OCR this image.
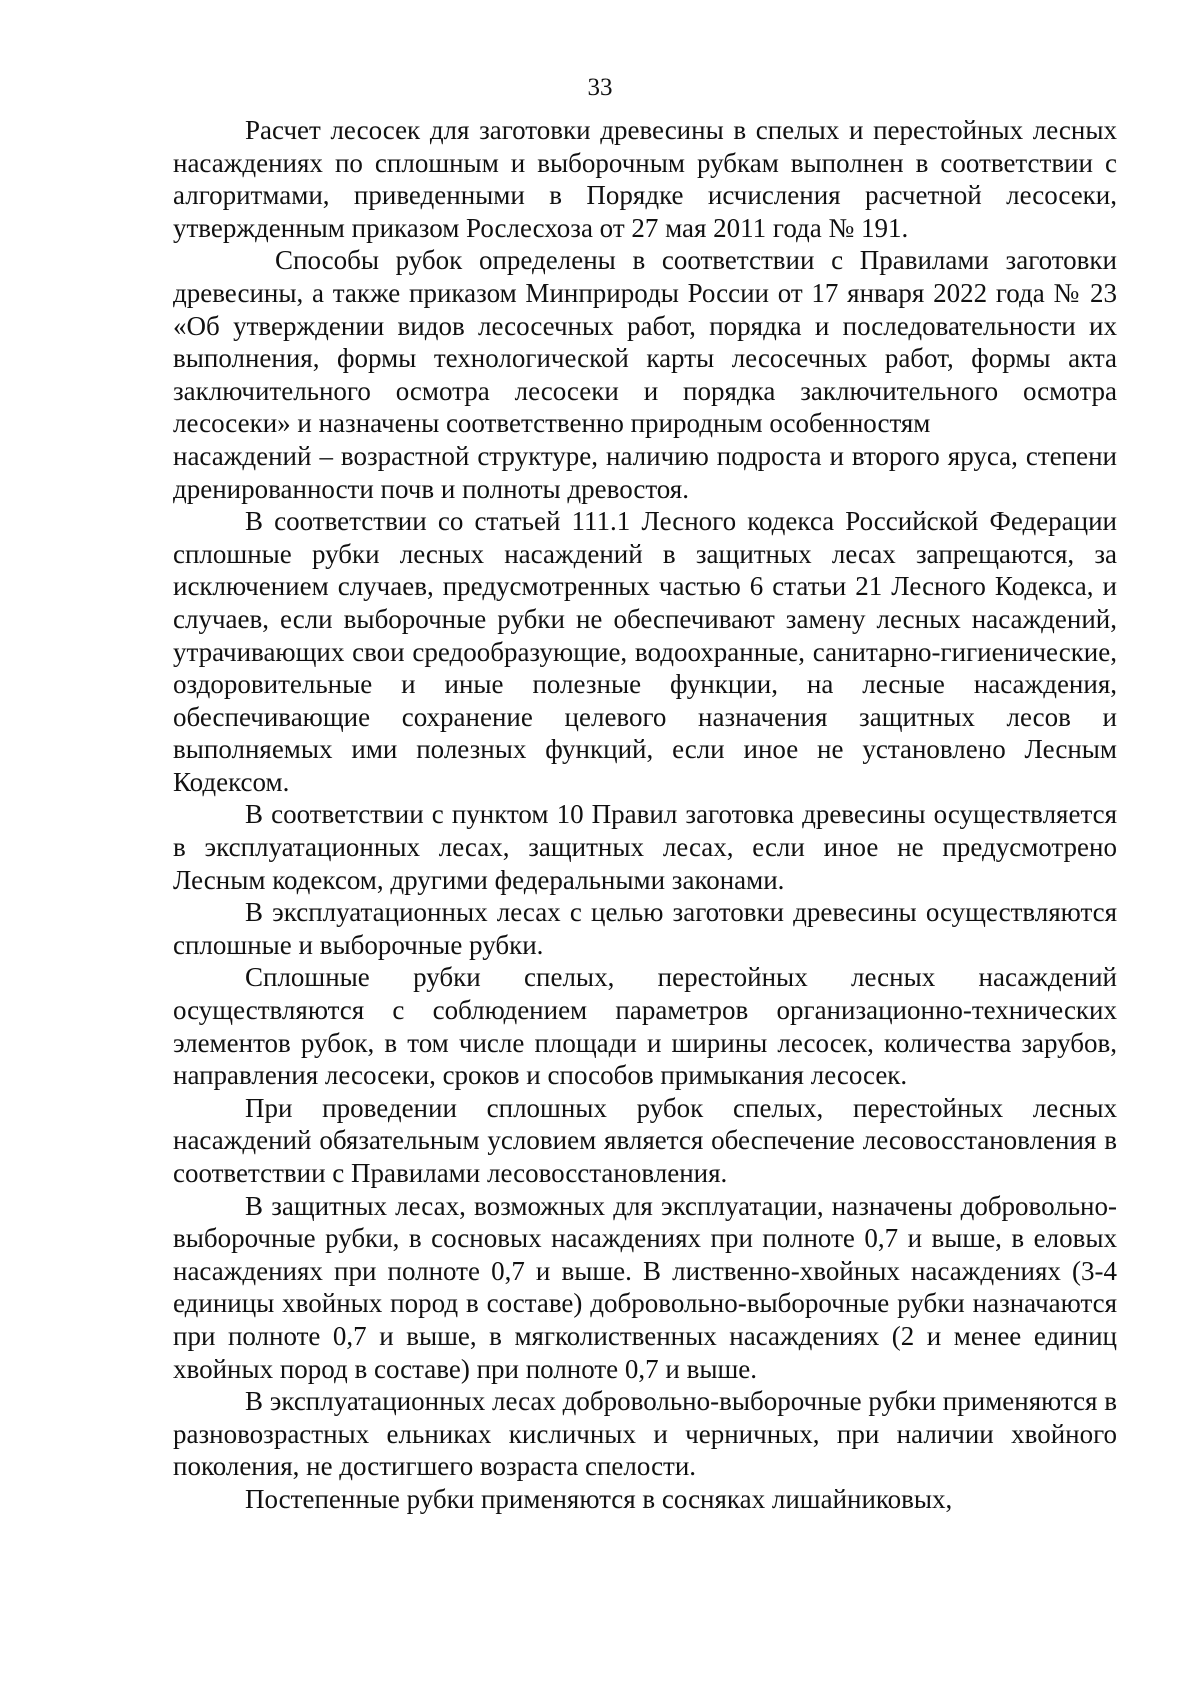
33

Расчет лесосек для заготовки древесины в спелых и перестойных лесных насаждениях по сплошным и выборочным рубкам выполнен в соответствии с алгоритмами, приведенными в Порядке исчисления расчетной лесосеки, утвержденным приказом Рослесхоза от 27 мая 2011 года № 191.

Способы рубок определены в соответствии с Правилами заготовки древесины, а также приказом Минприроды России от 17 января 2022 года № 23 «Об утверждении видов лесосечных работ, порядка и последовательности их выполнения, формы технологической карты лесосечных работ, формы акта заключительного осмотра лесосеки и порядка заключительного осмотра лесосеки» и назначены соответственно природным особенностям

насаждений – возрастной структуре, наличию подроста и второго яруса, степени дренированности почв и полноты древостоя.

В соответствии со статьей 111.1 Лесного кодекса Российской Федерации сплошные рубки лесных насаждений в защитных лесах запрещаются, за исключением случаев, предусмотренных частью 6 статьи 21 Лесного Кодекса, и случаев, если выборочные рубки не обеспечивают замену лесных насаждений, утрачивающих свои средообразующие, водоохранные, санитарно-гигиенические, оздоровительные и иные полезные функции, на лесные насаждения, обеспечивающие сохранение целевого назначения защитных лесов и выполняемых ими полезных функций, если иное не установлено Лесным Кодексом.

В соответствии с пунктом 10 Правил заготовка древесины осуществляется в эксплуатационных лесах, защитных лесах, если иное не предусмотрено Лесным кодексом, другими федеральными законами.

В эксплуатационных лесах с целью заготовки древесины осуществляются сплошные и выборочные рубки.

Сплошные рубки спелых, перестойных лесных насаждений осуществляются с соблюдением параметров организационно-технических элементов рубок, в том числе площади и ширины лесосек, количества зарубов, направления лесосеки, сроков и способов примыкания лесосек.

При проведении сплошных рубок спелых, перестойных лесных насаждений обязательным условием является обеспечение лесовосстановления в соответствии с Правилами лесовосстановления.

В защитных лесах, возможных для эксплуатации, назначены добровольно-выборочные рубки, в сосновых насаждениях при полноте 0,7 и выше, в еловых насаждениях при полноте 0,7 и выше. В лиственно-хвойных насаждениях (3-4 единицы хвойных пород в составе) добровольно-выборочные рубки назначаются при полноте 0,7 и выше, в мягколиственных насаждениях (2 и менее единиц хвойных пород в составе) при полноте 0,7 и выше.

В эксплуатационных лесах добровольно-выборочные рубки применяются в разновозрастных ельниках кисличных и черничных, при наличии хвойного поколения, не достигшего возраста спелости.

Постепенные рубки применяются в сосняках лишайниковых,
